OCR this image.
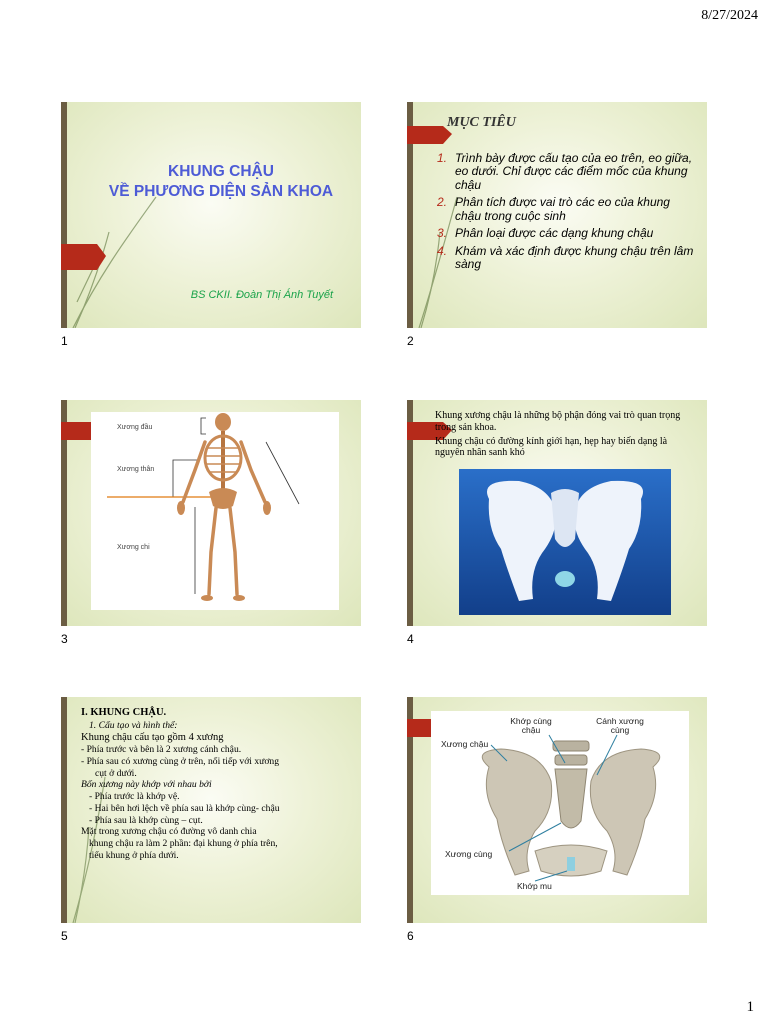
8/27/2024
KHUNG CHẬU
VỀ PHƯƠNG DIỆN SẢN KHOA
BS CKII. Đoàn Thị Ánh Tuyết
1
MỤC TIÊU
1. Trình bày được cấu tạo của eo trên, eo giữa, eo dưới. Chỉ được các điểm mốc của khung chậu
2. Phân tích được vai trò các eo của khung chậu trong cuộc sinh
3. Phân loại được các dạng khung chậu
4. Khám và xác định được khung chậu trên lâm sàng
2
Xương đầu
Xương thân
Xương chi
3

Khung xương chậu là những bộ phận đóng vai trò quan trọng trong sản khoa.

Khung chậu có đường kính giới hạn, hẹp hay biến dạng là nguyên nhân sanh khó

4
I. KHUNG CHẬU.
1. Cấu tạo và hình thể:
Khung chậu cấu tạo gồm 4 xương
- Phía trước và bên là 2 xương cánh chậu.
- Phía sau có xương cùng ở trên, nối tiếp với xương
cụt ở dưới.
Bốn xương này khớp với nhau bởi
- Phía trước là khớp vệ.
- Hai bên hơi lệch về phía sau là khớp cùng- chậu
- Phía sau là khớp cùng – cụt.
Mặt trong xương chậu có đường vô danh chia
khung chậu ra làm 2 phần: đại khung ở phía trên,
tiểu khung ở phía dưới.
5
Khớp cùng chậu
Cánh xương cùng
Xương chậu
Xương cùng
Khớp mu
6
1
